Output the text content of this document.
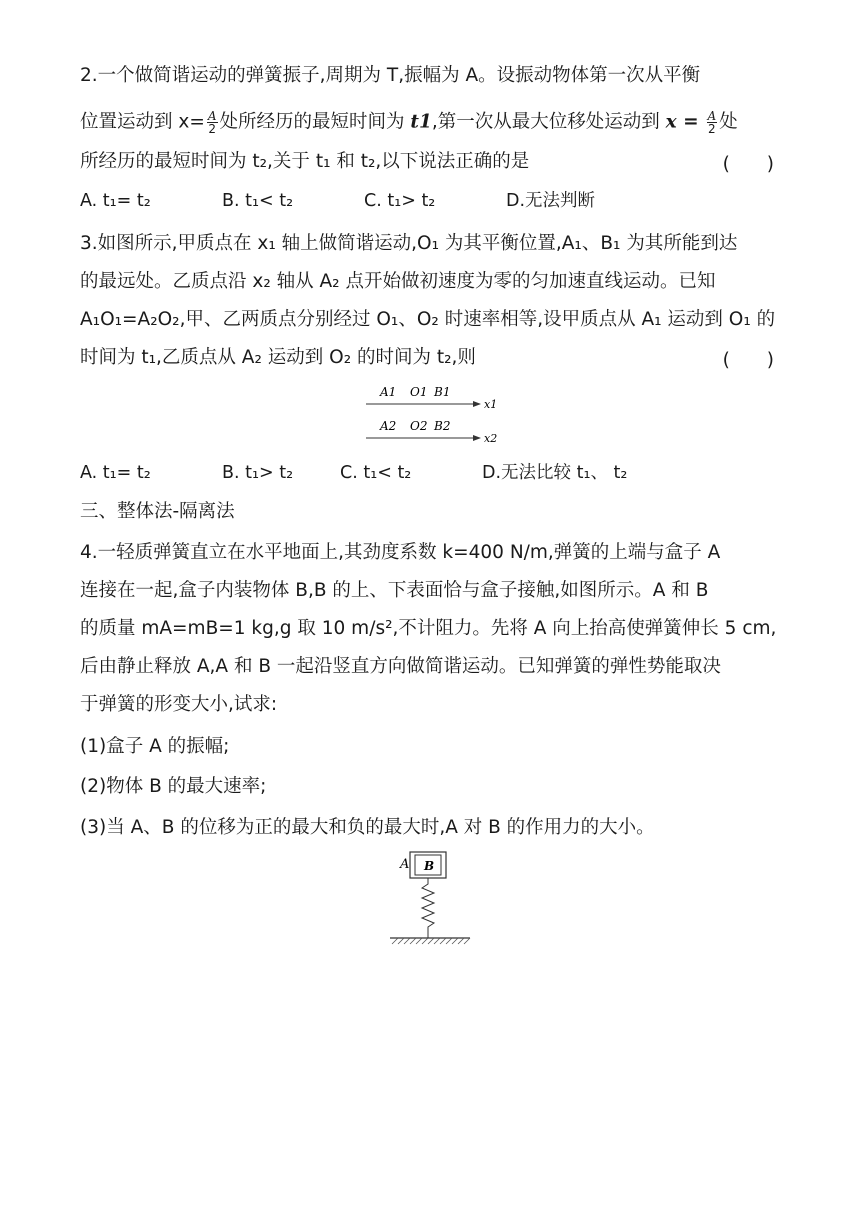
2.一个做简谐运动的弹簧振子,周期为 T,振幅为 A。设振动物体第一次从平衡
位置运动到 $x= \frac{A}{2}$ 处所经历的最短时间为 t1,第一次从最大位移处运动到 $x = \frac{A}{2}$ 处
所经历的最短时间为 t₂,关于 t₁ 和 t₂,以下说法正确的是	(　　)
A. t₁= t₂	B. t₁< t₂	C. t₁> t₂	D.无法判断
3.如图所示,甲质点在 x₁ 轴上做简谐运动,O₁ 为其平衡位置,A₁、B₁ 为其所能到达
的最远处。乙质点沿 x₂ 轴从 A₂ 点开始做初速度为零的匀加速直线运动。已知
A₁O₁=A₂O₂,甲、乙两质点分别经过 O₁、O₂ 时速率相等,设甲质点从 A₁ 运动到 O₁ 的
时间为 t₁,乙质点从 A₂ 运动到 O₂ 的时间为 t₂,则	(　　)
A1 O1 B1
x1
A2 O2 B2
x2
A. t₁= t₂	B. t₁> t₂	C. t₁< t₂	D.无法比较 t₁、 t₂
三、整体法-隔离法
4.一轻质弹簧直立在水平地面上,其劲度系数 k=400 N/m,弹簧的上端与盒子 A
连接在一起,盒子内装物体 B,B 的上、下表面恰与盒子接触,如图所示。A 和 B
的质量 mA=mB=1 kg,g 取 10 m/s²,不计阻力。先将 A 向上抬高使弹簧伸长 5 cm,
后由静止释放 A,A 和 B 一起沿竖直方向做简谐运动。已知弹簧的弹性势能取决
于弹簧的形变大小,试求:
(1)盒子 A 的振幅;
(2)物体 B 的最大速率;
(3)当 A、B 的位移为正的最大和负的最大时,A 对 B 的作用力的大小。
A B
